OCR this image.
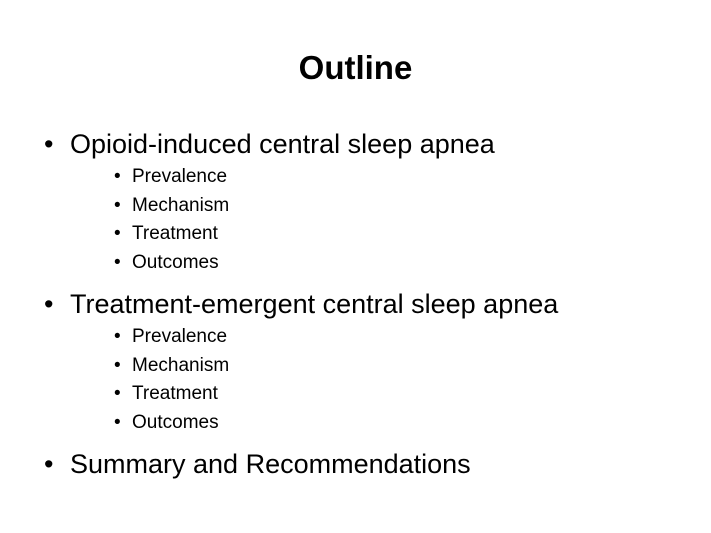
Outline
• Opioid-induced central sleep apnea
• Prevalence
• Mechanism
• Treatment
• Outcomes
• Treatment-emergent central sleep apnea
• Prevalence
• Mechanism
• Treatment
• Outcomes
• Summary and Recommendations
